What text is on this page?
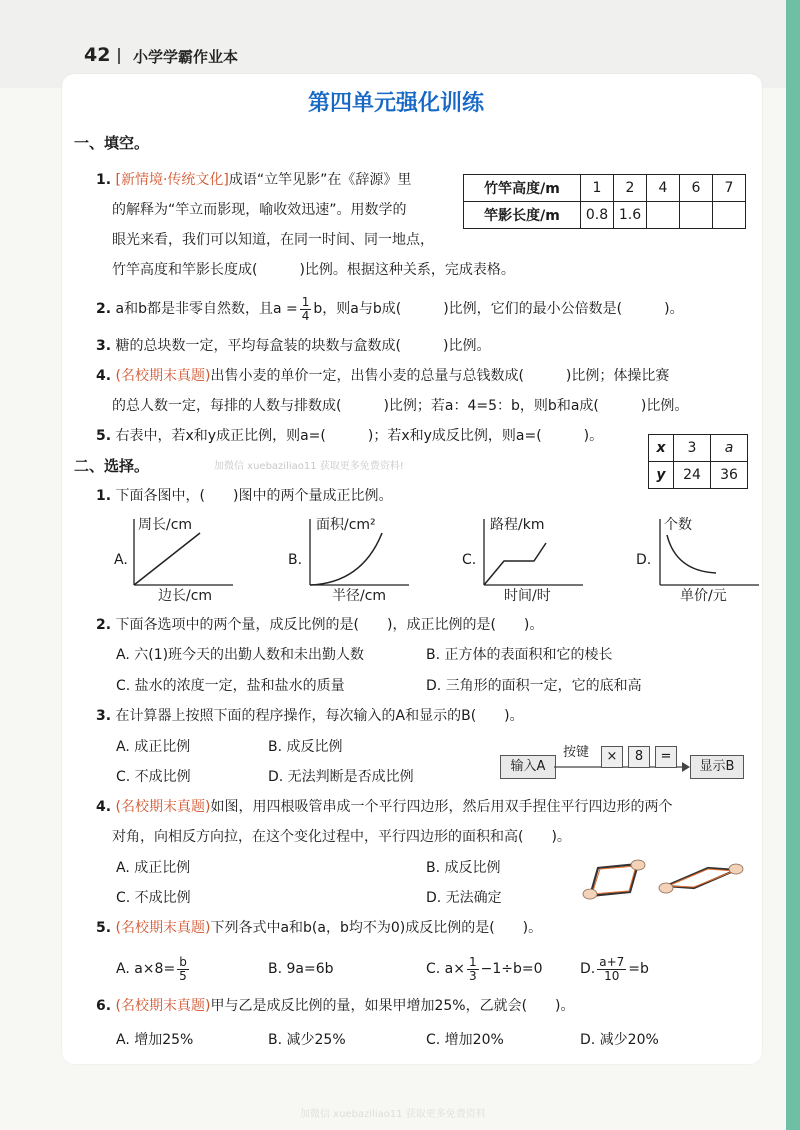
42 小学学霸作业本
第四单元强化训练
一、填空。
1. [新情境·传统文化]成语“立竿见影”在《辞源》里
的解释为“竿立而影现，喻收效迅速”。用数学的
眼光来看，我们可以知道，在同一时间、同一地点，
竹竿高度和竿影长度成(　　　)比例。根据这种关系，完成表格。
竹竿高度/m	1	2	4	6	7
竿影长度/m	0.8	1.6			
2. a和b都是非零自然数，且$a = \frac{1}{4}$ b，则a与b成(　　　)比例，它们的最小公倍数是(　　　)。
3. 糖的总块数一定，平均每盒装的块数与盒数成(　　　)比例。
4. (名校期末真题)出售小麦的单价一定，出售小麦的总量与总钱数成(　　　)比例；体操比赛
的总人数一定，每排的人数与排数成(　　　)比例；若a：4=5：b，则b和a成(　　　)比例。
5. 右表中，若x和y成正比例，则a=(　　　)；若x和y成反比例，则a=(　　　)。
x	3	a
y	24	36
二、选择。	加微信 xuebaziliao11 获取更多免费资料!
1. 下面各图中，(　　)图中的两个量成正比例。
A.
周长/cm
边长/cm
B.
面积/cm²
半径/cm
C.
路程/km
时间/时
D.
个数
单价/元
2. 下面各选项中的两个量，成反比例的是(　　)，成正比例的是(　　)。
A. 六(1)班今天的出勤人数和未出勤人数	B. 正方体的表面积和它的棱长
C. 盐水的浓度一定，盐和盐水的质量	D. 三角形的面积一定，它的底和高
3. 在计算器上按照下面的程序操作，每次输入的A和显示的B(　　)。
A. 成正比例	B. 成反比例
C. 不成比例	D. 无法判断是否成比例
输入A
按键	×	8	=
显示B
4. (名校期末真题)如图，用四根吸管串成一个平行四边形，然后用双手捏住平行四边形的两个
对角，向相反方向拉，在这个变化过程中，平行四边形的面积和高(　　)。
A. 成正比例	B. 成反比例
C. 不成比例	D. 无法确定
5. (名校期末真题)下列各式中a和b(a，b均不为0)成反比例的是(　　)。
A. $a\times 8= \frac{b}{5}$	B. 9a=6b	C. $a\times \frac{1}{3} -1\div b=0$	D. $\frac{a+7}{10} =b$
6. (名校期末真题)甲与乙是成反比例的量，如果甲增加25%，乙就会(　　)。
A. 增加25%	B. 减少25%	C. 增加20%	D. 减少20%
加微信 xuebaziliao11 获取更多免费资料
